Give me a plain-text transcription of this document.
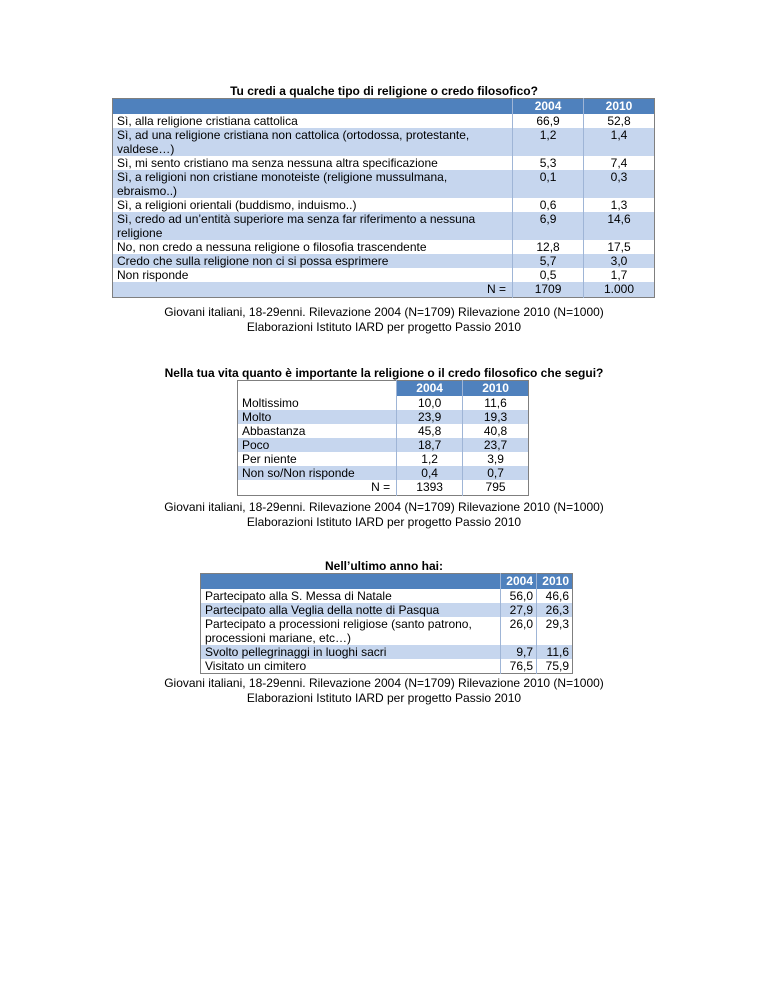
Tu credi a qualche tipo di religione o credo filosofico?
	2004	2010
Sì, alla religione cristiana cattolica	66,9	52,8
Sì, ad una religione cristiana non cattolica (ortodossa, protestante, valdese…)	1,2	1,4
Sì, mi sento cristiano ma senza nessuna altra specificazione	5,3	7,4
Sì, a religioni non cristiane monoteiste (religione mussulmana, ebraismo..)	0,1	0,3
Sì, a religioni orientali (buddismo, induismo..)	0,6	1,3
Sì, credo ad un’entità superiore ma senza far riferimento a nessuna religione	6,9	14,6
No, non credo a nessuna religione o filosofia trascendente	12,8	17,5
Credo che sulla religione non ci si possa esprimere	5,7	3,0
Non risponde	0,5	1,7
N =	1709	1.000
Giovani italiani, 18-29enni. Rilevazione 2004 (N=1709) Rilevazione 2010 (N=1000)
Elaborazioni Istituto IARD per progetto Passio 2010
Nella tua vita quanto è importante la religione o il credo filosofico che segui?
	2004	2010
Moltissimo	10,0	11,6
Molto	23,9	19,3
Abbastanza	45,8	40,8
Poco	18,7	23,7
Per niente	1,2	3,9
Non so/Non risponde	0,4	0,7
N =	1393	795
Giovani italiani, 18-29enni. Rilevazione 2004 (N=1709) Rilevazione 2010 (N=1000)
Elaborazioni Istituto IARD per progetto Passio 2010
Nell’ultimo anno hai:
	2004	2010
Partecipato alla S. Messa di Natale	56,0	46,6
Partecipato alla Veglia della notte di Pasqua	27,9	26,3
Partecipato a processioni religiose (santo patrono, processioni mariane, etc…)	26,0	29,3
Svolto pellegrinaggi in luoghi sacri	9,7	11,6
Visitato un cimitero	76,5	75,9
Giovani italiani, 18-29enni. Rilevazione 2004 (N=1709) Rilevazione 2010 (N=1000)
Elaborazioni Istituto IARD per progetto Passio 2010
